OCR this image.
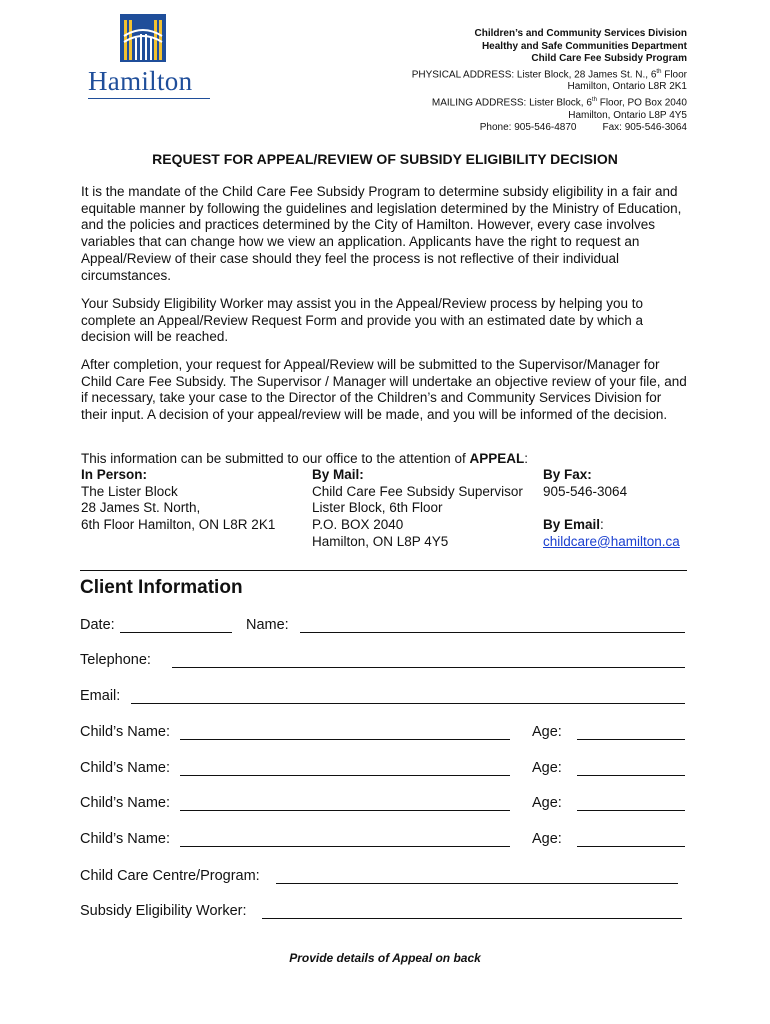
Hamilton
Children’s and Community Services Division
Healthy and Safe Communities Department
Child Care Fee Subsidy Program
PHYSICAL ADDRESS: Lister Block, 28 James St. N., 6th Floor
Hamilton, Ontario L8R 2K1
MAILING ADDRESS: Lister Block, 6th Floor, PO Box 2040
Hamilton, Ontario L8P 4Y5
Phone: 905-546-4870	Fax: 905-546-3064
REQUEST FOR APPEAL/REVIEW OF SUBSIDY ELIGIBILITY DECISION
It is the mandate of the Child Care Fee Subsidy Program to determine subsidy eligibility in a fair and equitable manner by following the guidelines and legislation determined by the Ministry of Education, and the policies and practices determined by the City of Hamilton. However, every case involves variables that can change how we view an application. Applicants have the right to request an Appeal/Review of their case should they feel the process is not reflective of their individual circumstances.
Your Subsidy Eligibility Worker may assist you in the Appeal/Review process by helping you to complete an Appeal/Review Request Form and provide you with an estimated date by which a decision will be reached.
After completion, your request for Appeal/Review will be submitted to the Supervisor/Manager for Child Care Fee Subsidy. The Supervisor / Manager will undertake an objective review of your file, and if necessary, take your case to the Director of the Children’s and Community Services Division for their input. A decision of your appeal/review will be made, and you will be informed of the decision.
This information can be submitted to our office to the attention of APPEAL:
In Person:
The Lister Block
28 James St. North,
6th Floor Hamilton, ON L8R 2K1
By Mail:
Child Care Fee Subsidy Supervisor
Lister Block, 6th Floor
P.O. BOX 2040
Hamilton, ON L8P 4Y5
By Fax:
905-546-3064
By Email:
childcare@hamilton.ca
Client Information
Date:	Name:
Telephone:
Email:
Child’s Name:	Age:
Child’s Name:	Age:
Child’s Name:	Age:
Child’s Name:	Age:
Child Care Centre/Program:
Subsidy Eligibility Worker:
Provide details of Appeal on back
